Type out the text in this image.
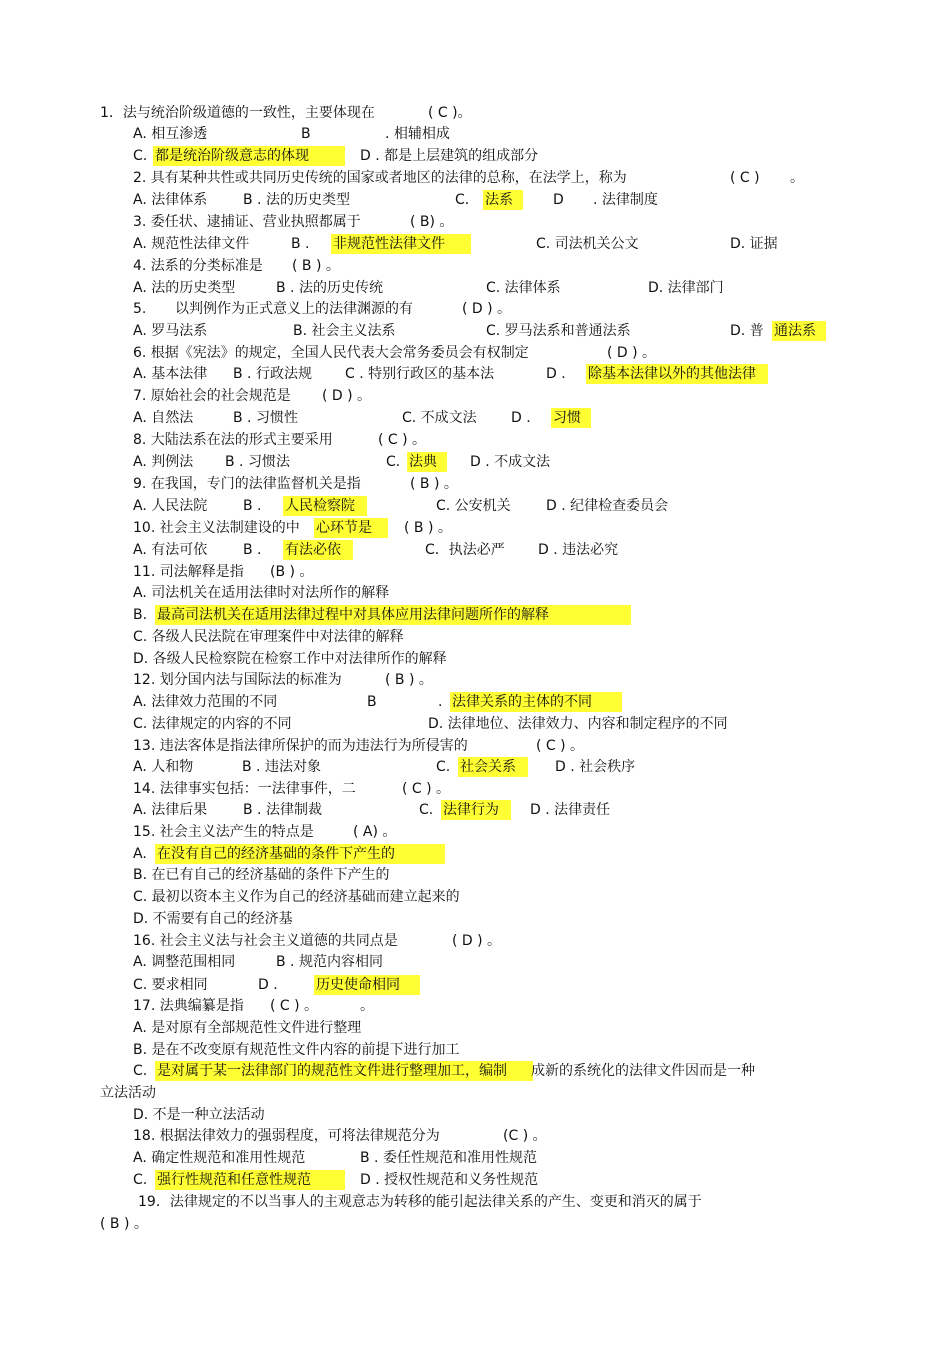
1．法与统治阶级道德的一致性，主要体现在	( C )。
A. 相互渗透	B	. 相辅相成
C. 都是统治阶级意志的体现	D . 都是上层建筑的组成部分
2. 具有某种共性或共同历史传统的国家或者地区的法律的总称，在法学上，称为	( C ) 。
A. 法律体系	B . 法的历史类型	C． 法系	D . 法律制度
3. 委任状、逮捕证、营业执照都属于	( B) 。
A. 规范性法律文件	B . 非规范性法律文件	C. 司法机关公文	D. 证据
4. 法系的分类标准是 ( B ) 。
A. 法的历史类型	B . 法的历史传统	C. 法律体系	D. 法律部门
5. 以判例作为正式意义上的法律渊源的有	( D ) 。
A. 罗马法系	B. 社会主义法系	C. 罗马法系和普通法系	D. 普 通法系
6. 根据《宪法》的规定，全国人民代表大会常务委员会有权制定	( D ) 。
A. 基本法律 B . 行政法规 C . 特别行政区的基本法	D . 除基本法律以外的其他法律
7. 原始社会的社会规范是 ( D ) 。
A. 自然法	B . 习惯性	C. 不成文法 D . 习惯
8. 大陆法系在法的形式主要采用	( C ) 。
A. 判例法 B . 习惯法	C. 法典	D . 不成文法
9. 在我国，专门的法律监督机关是指	( B ) 。
A. 人民法院	B . 人民检察院	C. 公安机关	D . 纪律检查委员会
10. 社会主义法制建设的中 心环节是	( B ) 。
A. 有法可依	B . 有法必依	C．执法必严 D . 违法必究
11. 司法解释是指 (B ) 。
A. 司法机关在适用法律时对法所作的解释
B. 最高司法机关在适用法律过程中对具体应用法律问题所作的解释
C. 各级人民法院在审理案件中对法律的解释
D. 各级人民检察院在检察工作中对法律所作的解释
12. 划分国内法与国际法的标准为	( B ) 。
A. 法律效力范围的不同	B	. 法律关系的主体的不同
C. 法律规定的内容的不同	D. 法律地位、法律效力、内容和制定程序的不同
13. 违法客体是指法律所保护的而为违法行为所侵害的	( C ) 。
A. 人和物	B . 违法对象	C. 社会关系	D . 社会秩序
14. 法律事实包括：一法律事件，二	( C ) 。
A. 法律后果	B . 法律制裁	C. 法律行为	D . 法律责任
15. 社会主义法产生的特点是	( A) 。
A. 在没有自己的经济基础的条件下产生的
B. 在已有自己的经济基础的条件下产生的
C. 最初以资本主义作为自己的经济基础而建立起来的
D. 不需要有自己的经济基
16. 社会主义法与社会主义道德的共同点是	( D ) 。
A. 调整范围相同	B . 规范内容相同
C. 要求相同	D .	历史使命相同
17. 法典编纂是指 ( C ) 。	。
A. 是对原有全部规范性文件进行整理
B. 是在不改变原有规范性文件内容的前提下进行加工
C. 是对属于某一法律部门的规范性文件进行整理加工，编制	成新的系统化的法律文件因而是一种
立法活动
D. 不是一种立法活动
18. 根据法律效力的强弱程度，可将法律规范分为	(C ) 。
A. 确定性规范和准用性规范	B . 委任性规范和准用性规范
C. 强行性规范和任意性规范	D . 授权性规范和义务性规范
19．法律规定的不以当事人的主观意志为转移的能引起法律关系的产生、变更和消灭的属于
( B ) 。
